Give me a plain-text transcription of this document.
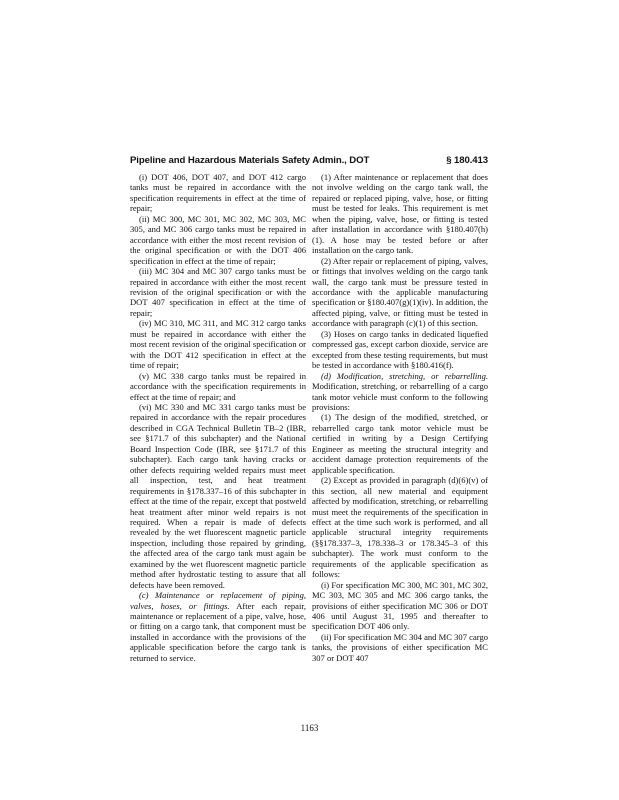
Pipeline and Hazardous Materials Safety Admin., DOT	§ 180.413

(i) DOT 406, DOT 407, and DOT 412 cargo tanks must be repaired in accordance with the specification requirements in effect at the time of repair;

(ii) MC 300, MC 301, MC 302, MC 303, MC 305, and MC 306 cargo tanks must be repaired in accordance with either the most recent revision of the original specification or with the DOT 406 specification in effect at the time of repair;

(iii) MC 304 and MC 307 cargo tanks must be repaired in accordance with either the most recent revision of the original specification or with the DOT 407 specification in effect at the time of repair;

(iv) MC 310, MC 311, and MC 312 cargo tanks must be repaired in accordance with either the most recent revision of the original specification or with the DOT 412 specification in effect at the time of repair;

(v) MC 338 cargo tanks must be repaired in accordance with the specification requirements in effect at the time of repair; and

(vi) MC 330 and MC 331 cargo tanks must be repaired in accordance with the repair procedures described in CGA Technical Bulletin TB–2 (IBR, see §171.7 of this subchapter) and the National Board Inspection Code (IBR, see §171.7 of this subchapter). Each cargo tank having cracks or other defects requiring welded repairs must meet all inspection, test, and heat treatment requirements in §178.337–16 of this subchapter in effect at the time of the repair, except that postweld heat treatment after minor weld repairs is not required. When a repair is made of defects revealed by the wet fluorescent magnetic particle inspection, including those repaired by grinding, the affected area of the cargo tank must again be examined by the wet fluorescent magnetic particle method after hydrostatic testing to assure that all defects have been removed.

(c) Maintenance or replacement of piping, valves, hoses, or fittings. After each repair, maintenance or replacement of a pipe, valve, hose, or fitting on a cargo tank, that component must be installed in accordance with the provisions of the applicable specification before the cargo tank is returned to service.

(1) After maintenance or replacement that does not involve welding on the cargo tank wall, the repaired or replaced piping, valve, hose, or fitting must be tested for leaks. This requirement is met when the piping, valve, hose, or fitting is tested after installation in accordance with §180.407(h)(1). A hose may be tested before or after installation on the cargo tank.

(2) After repair or replacement of piping, valves, or fittings that involves welding on the cargo tank wall, the cargo tank must be pressure tested in accordance with the applicable manufacturing specification or §180.407(g)(1)(iv). In addition, the affected piping, valve, or fitting must be tested in accordance with paragraph (c)(1) of this section.

(3) Hoses on cargo tanks in dedicated liquefied compressed gas, except carbon dioxide, service are excepted from these testing requirements, but must be tested in accordance with §180.416(f).

(d) Modification, stretching, or rebarrelling. Modification, stretching, or rebarrelling of a cargo tank motor vehicle must conform to the following provisions:

(1) The design of the modified, stretched, or rebarrelled cargo tank motor vehicle must be certified in writing by a Design Certifying Engineer as meeting the structural integrity and accident damage protection requirements of the applicable specification.

(2) Except as provided in paragraph (d)(6)(v) of this section, all new material and equipment affected by modification, stretching, or rebarrelling must meet the requirements of the specification in effect at the time such work is performed, and all applicable structural integrity requirements (§§178.337–3, 178.338–3 or 178.345–3 of this subchapter). The work must conform to the requirements of the applicable specification as follows:

(i) For specification MC 300, MC 301, MC 302, MC 303, MC 305 and MC 306 cargo tanks, the provisions of either specification MC 306 or DOT 406 until August 31, 1995 and thereafter to specification DOT 406 only.

(ii) For specification MC 304 and MC 307 cargo tanks, the provisions of either specification MC 307 or DOT 407

1163
